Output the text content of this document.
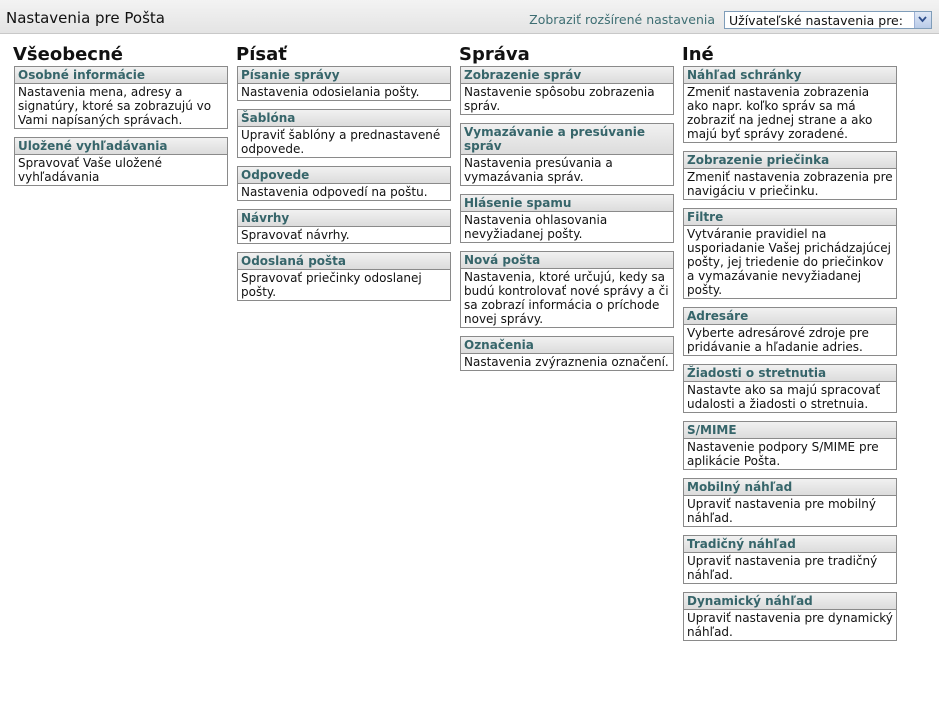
Nastavenia pre Pošta	Zobraziť rozšírené nastavenia Užívateľské nastavenia pre:
Všeobecné
Osobné informácie
Nastavenia mena, adresy a signatúry, ktoré sa zobrazujú vo Vami napísaných správach.
Uložené vyhľadávania
Spravovať Vaše uložené vyhľadávania
Písať
Písanie správy
Nastavenia odosielania pošty.
Šablóna
Upraviť šablóny a prednastavené odpovede.
Odpovede
Nastavenia odpovedí na poštu.
Návrhy
Spravovať návrhy.
Odoslaná pošta
Spravovať priečinky odoslanej pošty.
Správa
Zobrazenie správ
Nastavenie spôsobu zobrazenia správ.
Vymazávanie a presúvanie správ
Nastavenia presúvania a vymazávania správ.
Hlásenie spamu
Nastavenia ohlasovania nevyžiadanej pošty.
Nová pošta
Nastavenia, ktoré určujú, kedy sa budú kontrolovať nové správy a či sa zobrazí informácia o príchode novej správy.
Označenia
Nastavenia zvýraznenia označení.
Iné
Náhľad schránky
Zmeniť nastavenia zobrazenia ako napr. koľko správ sa má zobraziť na jednej strane a ako majú byť správy zoradené.
Zobrazenie priečinka
Zmeniť nastavenia zobrazenia pre navigáciu v priečinku.
Filtre
Vytváranie pravidiel na usporiadanie Vašej prichádzajúcej pošty, jej triedenie do priečinkov a vymazávanie nevyžiadanej pošty.
Adresáre
Vyberte adresárové zdroje pre pridávanie a hľadanie adries.
Žiadosti o stretnutia
Nastavte ako sa majú spracovať udalosti a žiadosti o stretnuia.
S/MIME
Nastavenie podpory S/MIME pre aplikácie Pošta.
Mobilný náhľad
Upraviť nastavenia pre mobilný náhľad.
Tradičný náhľad
Upraviť nastavenia pre tradičný náhľad.
Dynamický náhľad
Upraviť nastavenia pre dynamický náhľad.
